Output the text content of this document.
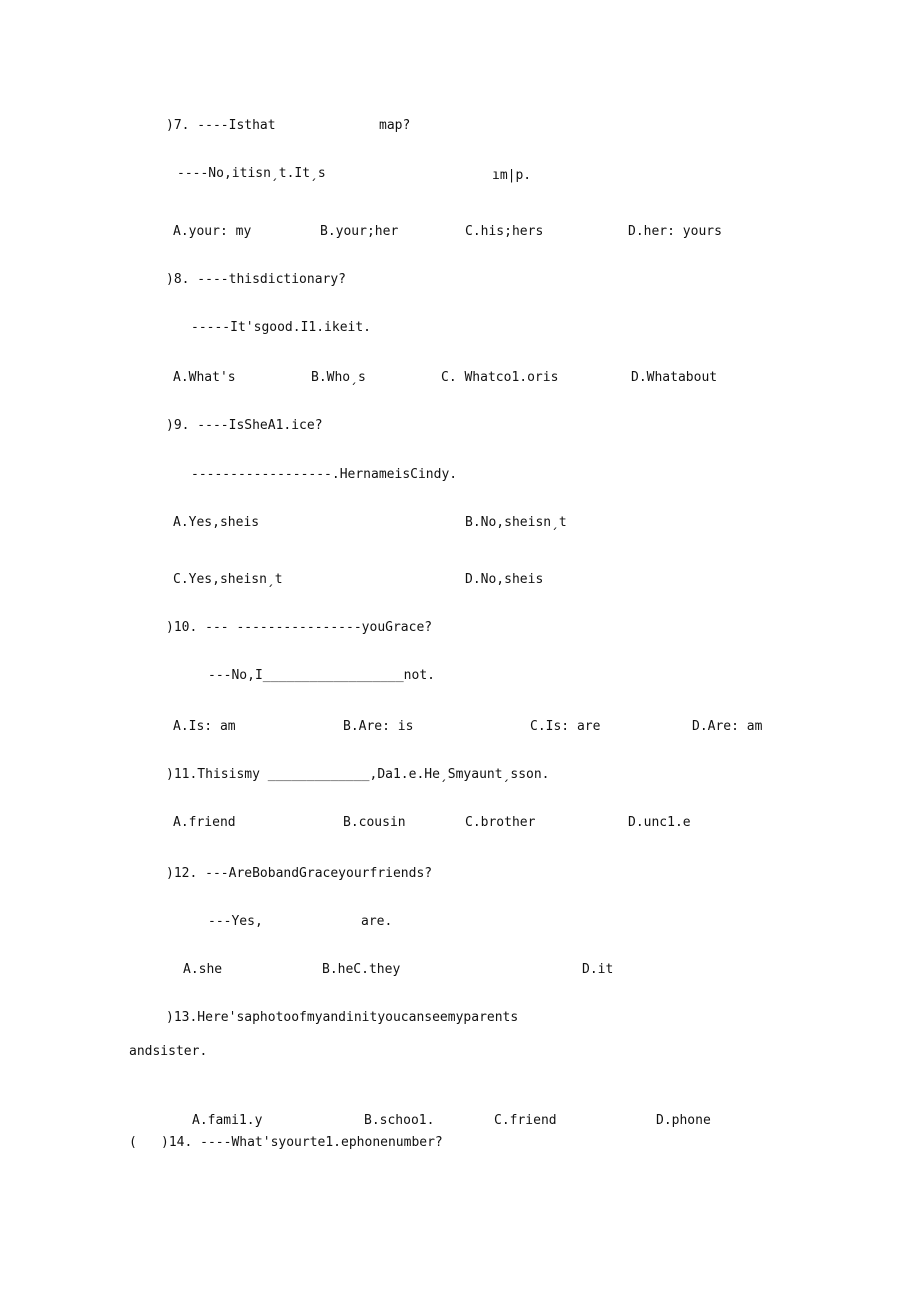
)7. ----Isthat	map?
----No,itisnˏt.Itˏs	ım|p.
A.your: my	B.your;her	C.his;hers	D.her: yours
)8. ----thisdictionary?
-----It'sgood.I1.ikeit.
A.What's	B.Whoˏs	C. Whatco1.oris	D.Whatabout
)9. ----IsSheA1.ice?
------------------.HernameisCindy.
A.Yes,sheis	B.No,sheisnˏt
C.Yes,sheisnˏt	D.No,sheis
)10. --- ----------------youGrace?
---No,I__________________not.
A.Is: am	B.Are: is	C.Is: are	D.Are: am
)11.Thisismy _____________,Da1.e.HeˏSmyauntˏsson.
A.friend	B.cousin	C.brother	D.unc1.e
)12. ---AreBobandGraceyourfriends?
---Yes,	are.
A.she	B.heC.they	D.it
)13.Here'saphotoofmyandinityoucanseemyparents
andsister.
A.fami1.y	B.schoo1.	C.friend	D.phone
( )14. ----What'syourte1.ephonenumber?
